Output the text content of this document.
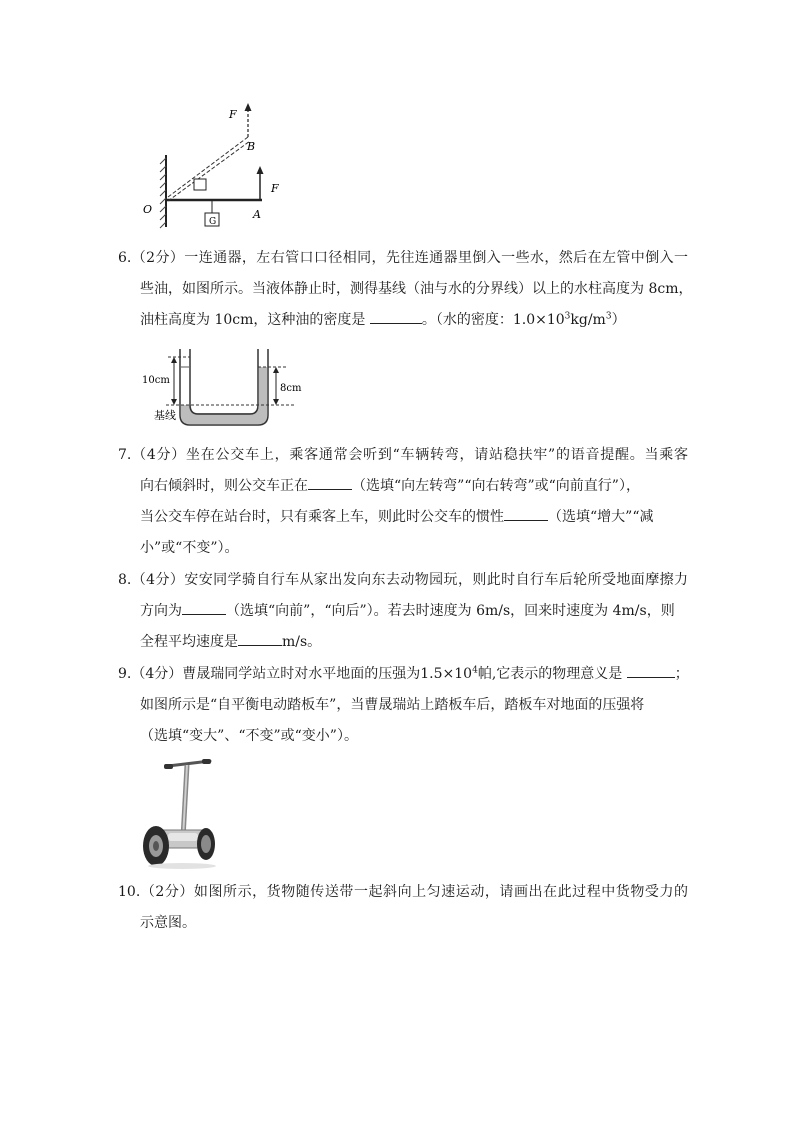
G
F
F
B
O	A
6.（2分）一连通器，左右管口口径相同，先往连通器里倒入一些水，然后在左管中倒入一
些油，如图所示。当液体静止时，测得基线（油与水的分界线）以上的水柱高度为 8cm，
油柱高度为 10cm，这种油的密度是	。（水的密度：$1.0\times 10^3kg/m^3$）
10cm
8cm
基线
7.（4分）坐在公交车上，乘客通常会听到“车辆转弯，请站稳扶牢”的语音提醒。当乘客
向右倾斜时，则公交车正在	（选填“向左转弯”“向右转弯”或“向前直行”），
当公交车停在站台时，只有乘客上车，则此时公交车的惯性	（选填“增大”“减
小”或“不变”）。
8.（4分）安安同学骑自行车从家出发向东去动物园玩，则此时自行车后轮所受地面摩擦力
方向为	（选填“向前”，“向后”）。若去时速度为 6m/s，回来时速度为 4m/s，则
全程平均速度是	m/s。
9.（4分）曹晟瑞同学站立时对水平地面的压强为$1.5\times 10^4$帕,它表示的物理意义是	；
如图所示是“自平衡电动踏板车”，当曹晟瑞站上踏板车后，踏板车对地面的压强将
（选填“变大”、“不变”或“变小”）。
10.（2分）如图所示，货物随传送带一起斜向上匀速运动，请画出在此过程中货物受力的
示意图。
